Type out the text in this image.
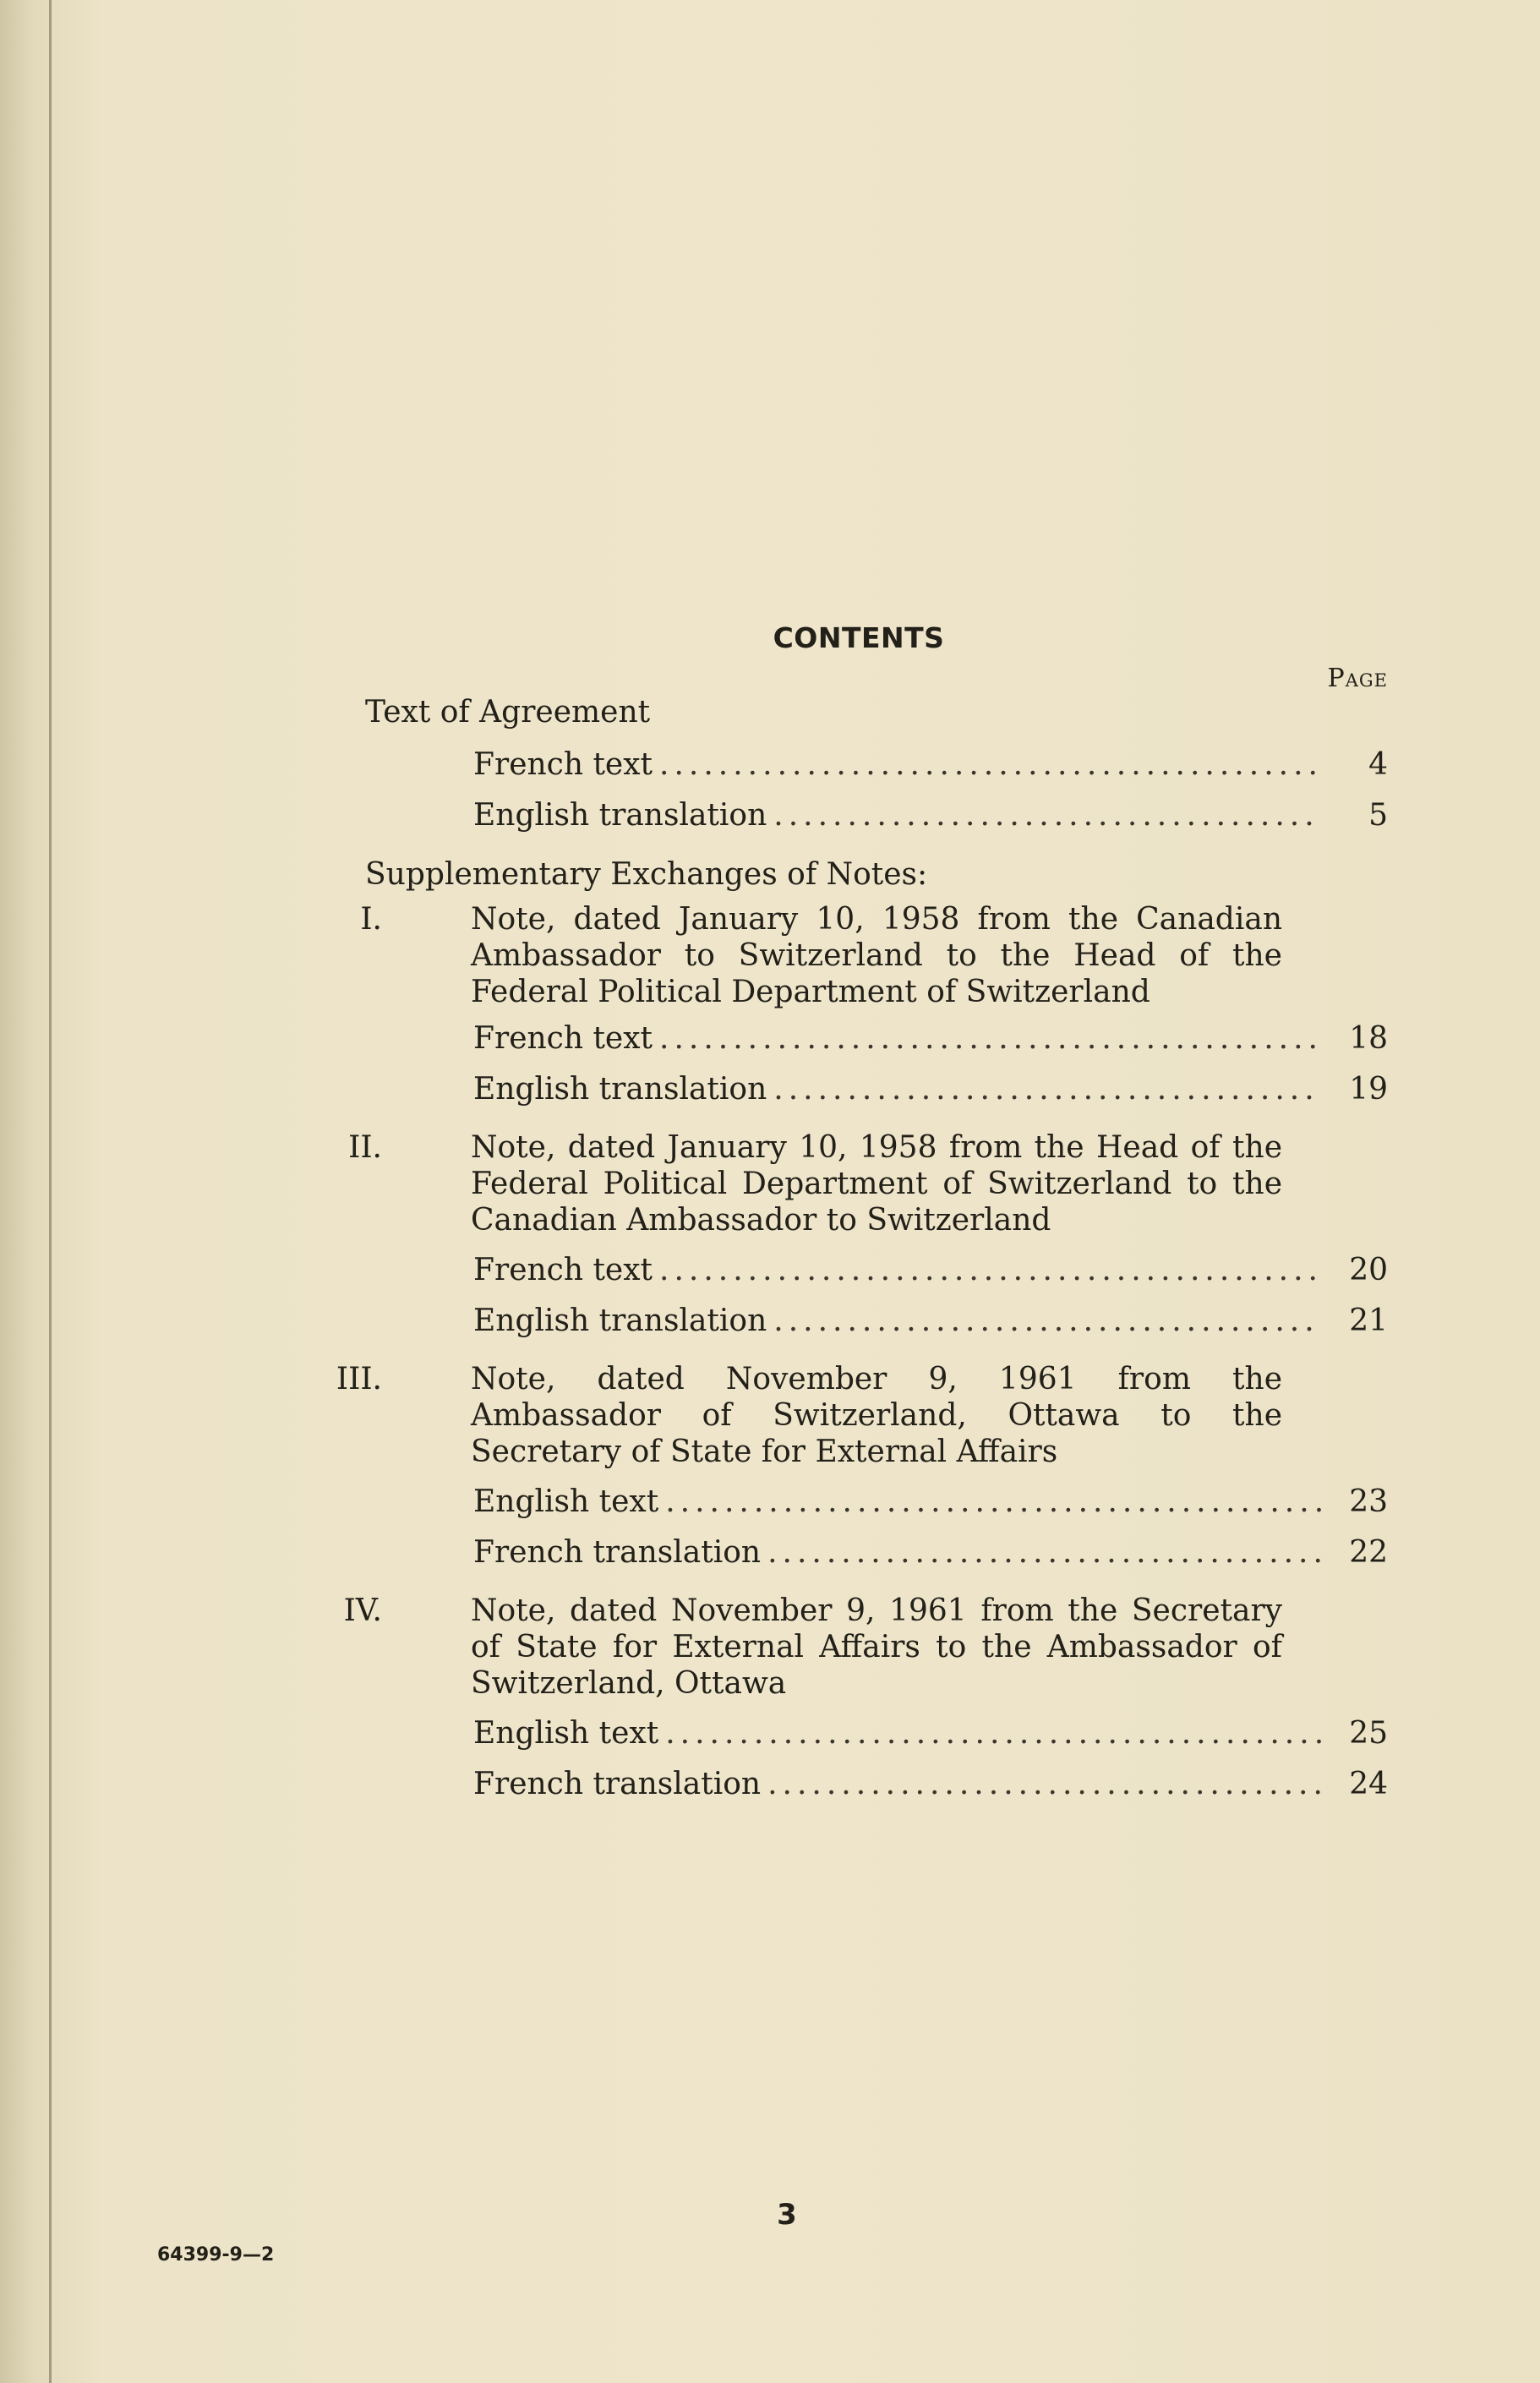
CONTENTS
Page
Text of Agreement
French text .....	4
English translation .....	5
Supplementary Exchanges of Notes:
I.	Note, dated January 10, 1958 from the Canadian Ambassador to Switzerland to the Head of the Federal Political Department of Switzerland
French text .....	18
English translation .....	19
II.	Note, dated January 10, 1958 from the Head of the Federal Political Department of Switzerland to the Canadian Ambassador to Switzerland
French text .....	20
English translation .....	21
III.	Note, dated November 9, 1961 from the Ambassador of Switzerland, Ottawa to the Secretary of State for External Affairs
English text .....	23
French translation .....	22
IV.	Note, dated November 9, 1961 from the Secretary of State for External Affairs to the Ambassador of Switzerland, Ottawa
English text .....	25
French translation .....	24
3
64399-9—2
